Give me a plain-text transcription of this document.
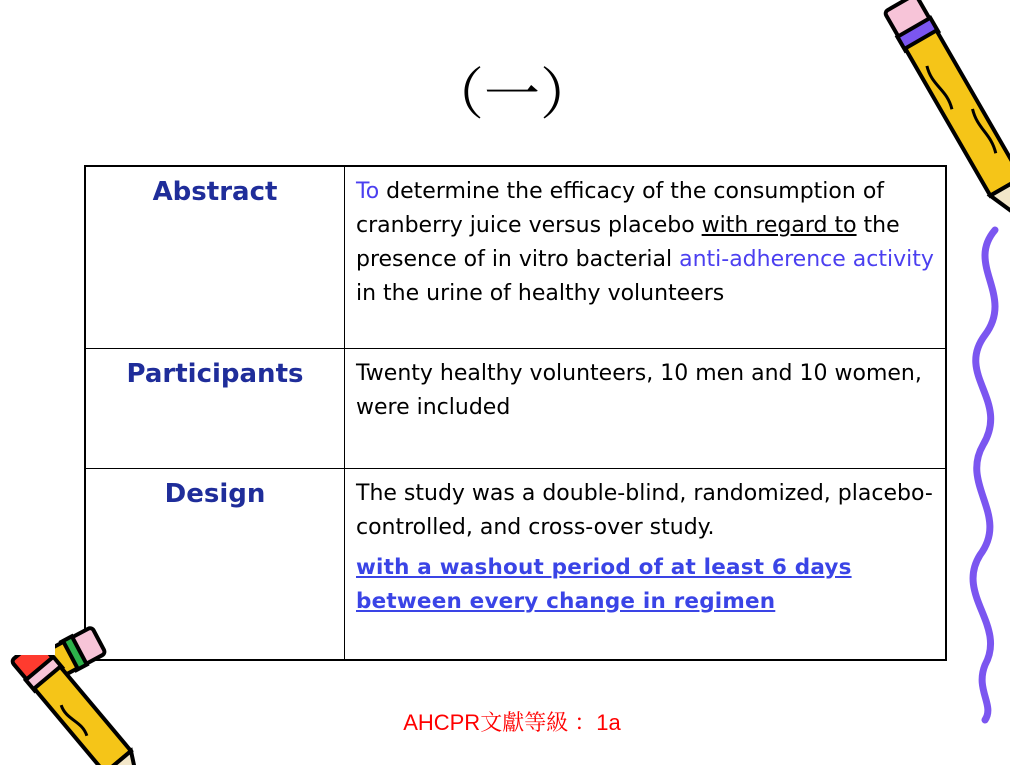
（一）
Abstract	To determine the efficacy of the consumption of cranberry juice versus placebo with regard to the presence of in vitro bacterial anti-adherence activity in the urine of healthy volunteers
Participants	Twenty healthy volunteers, 10 men and 10 women, were included
Design	The study was a double-blind, randomized, placebo-controlled, and cross-over study.
with a washout period of at least 6 days between every change in regimen
AHCPR文獻等級 ：1a
